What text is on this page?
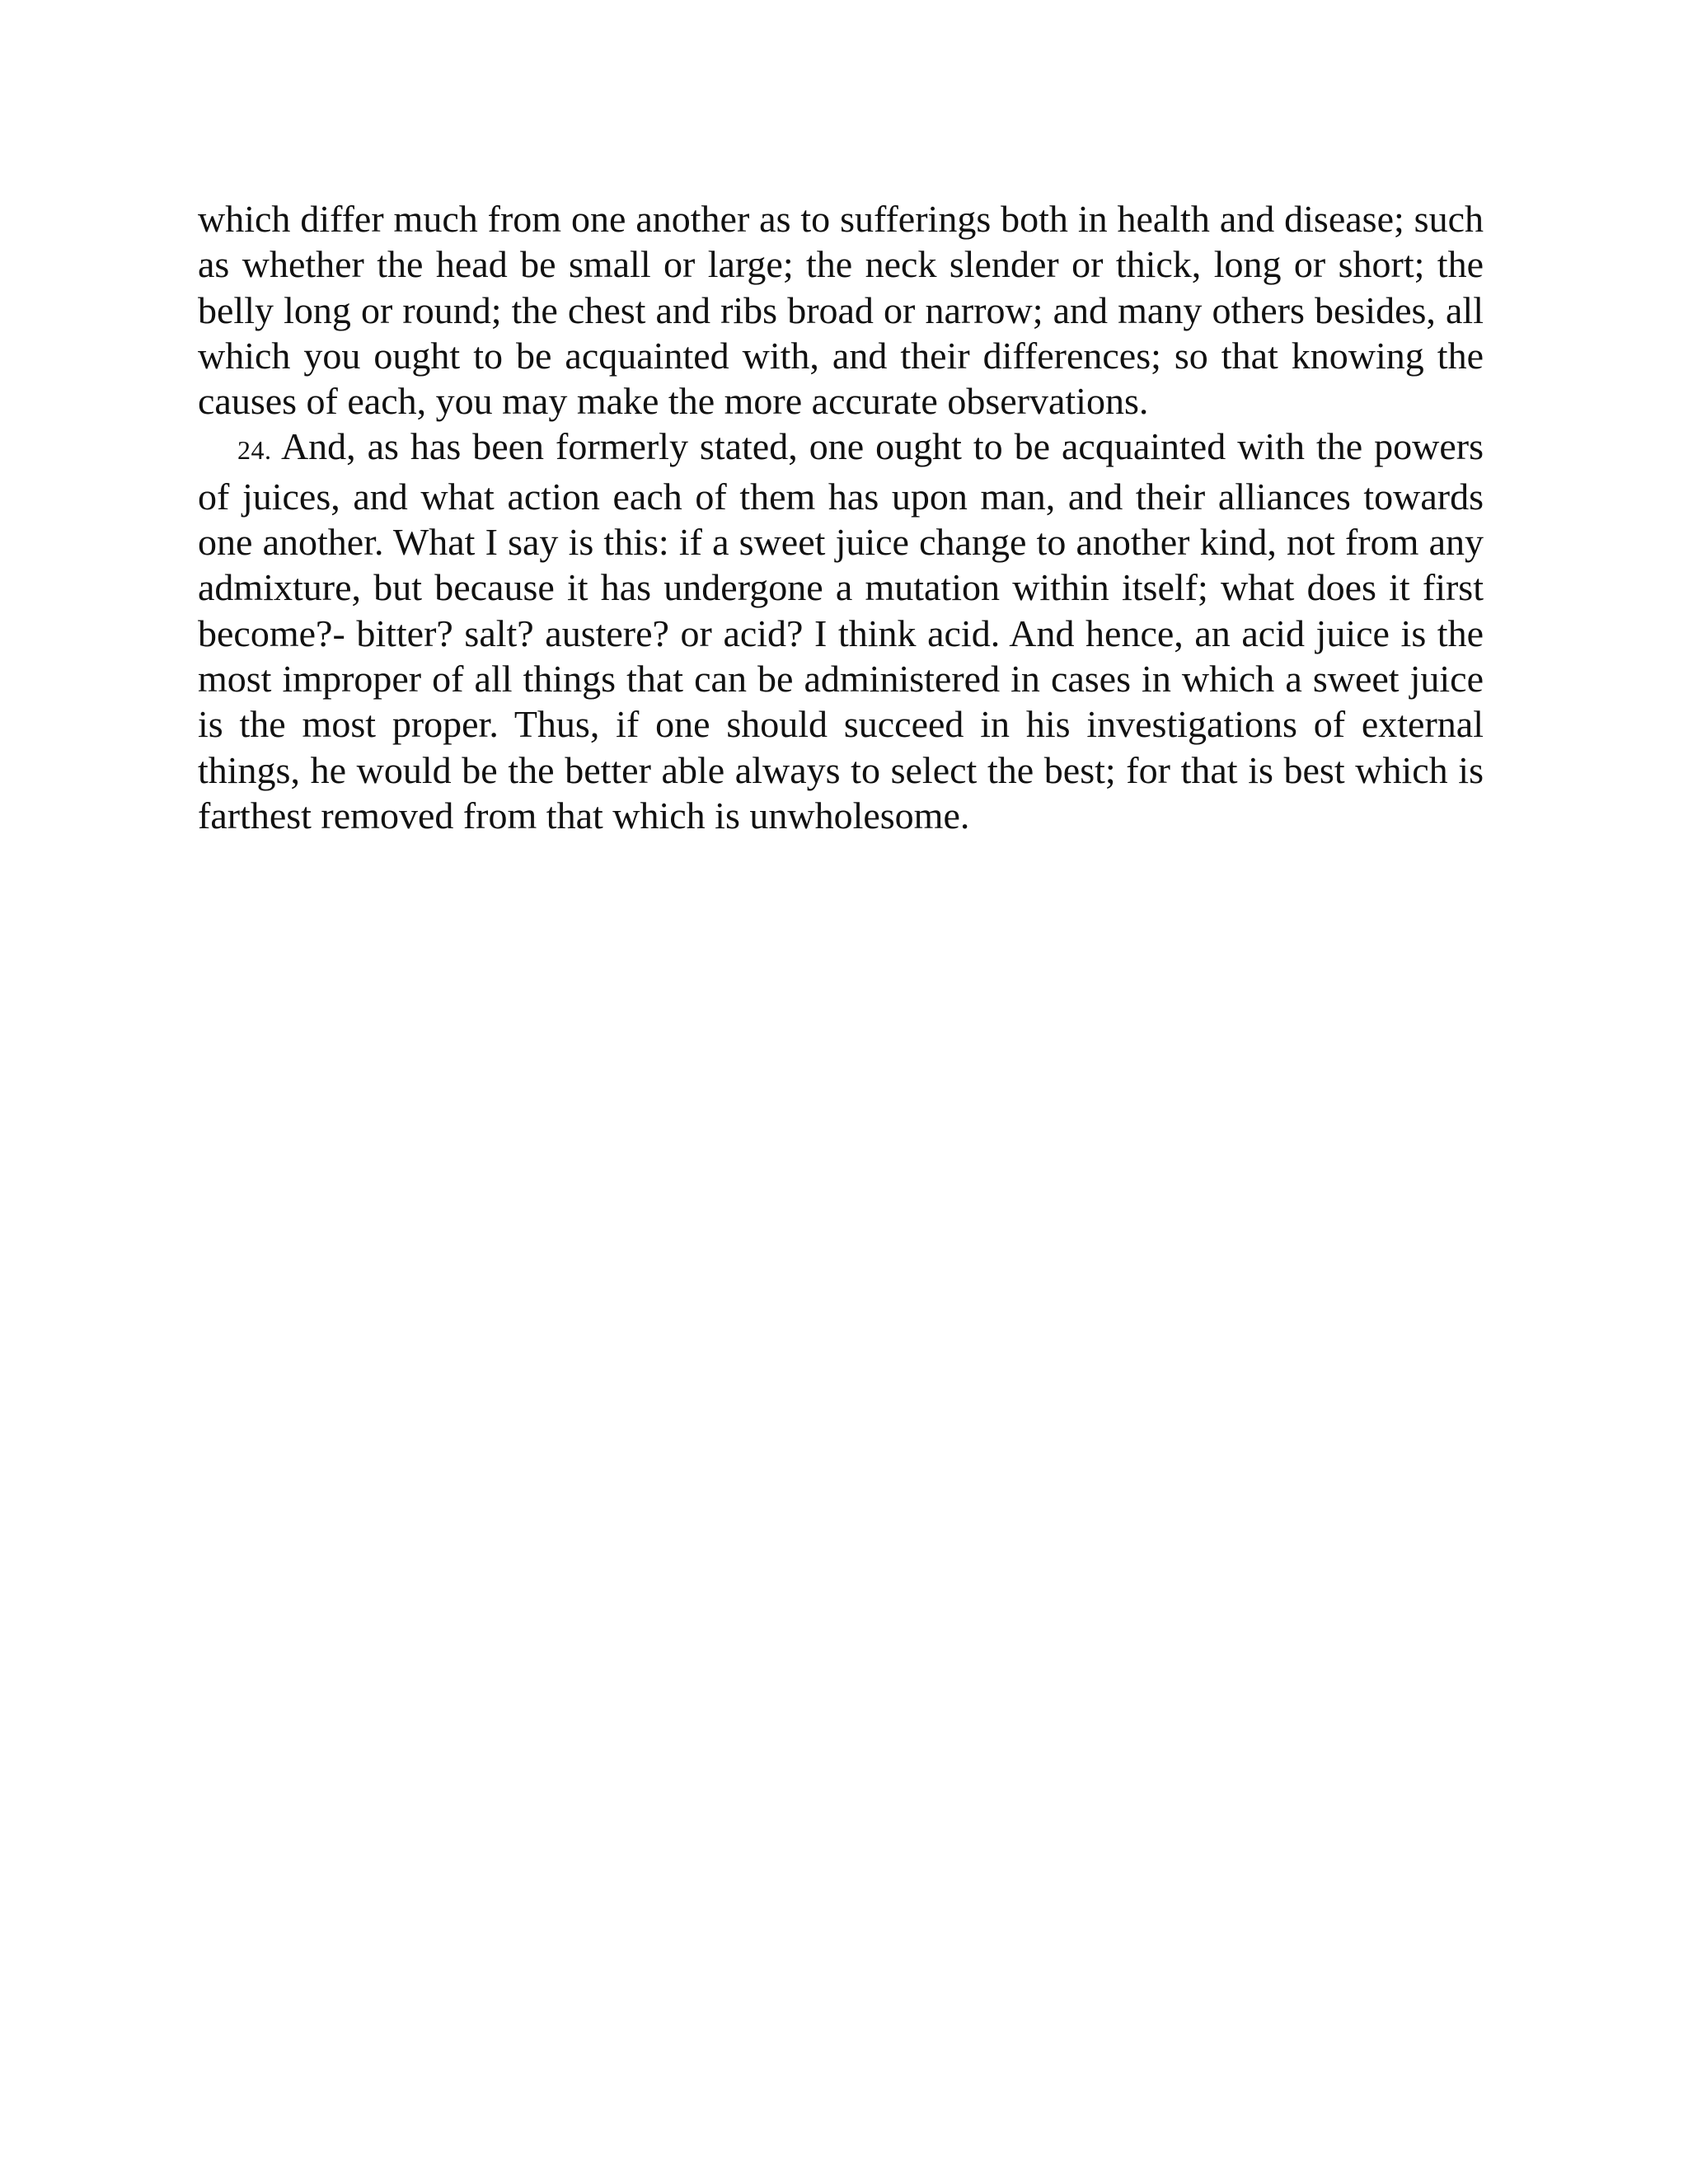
which differ much from one another as to sufferings both in health and disease; such as whether the head be small or large; the neck slender or thick, long or short; the belly long or round; the chest and ribs broad or narrow; and many others besides, all which you ought to be acquainted with, and their differences; so that knowing the causes of each, you may make the more accurate observations.

24. And, as has been formerly stated, one ought to be acquainted with the powers of juices, and what action each of them has upon man, and their alliances towards one another. What I say is this: if a sweet juice change to another kind, not from any admixture, but because it has undergone a mutation within itself; what does it first become?- bitter? salt? austere? or acid? I think acid. And hence, an acid juice is the most improper of all things that can be administered in cases in which a sweet juice is the most proper. Thus, if one should succeed in his investigations of external things, he would be the better able always to select the best; for that is best which is farthest removed from that which is unwholesome.
